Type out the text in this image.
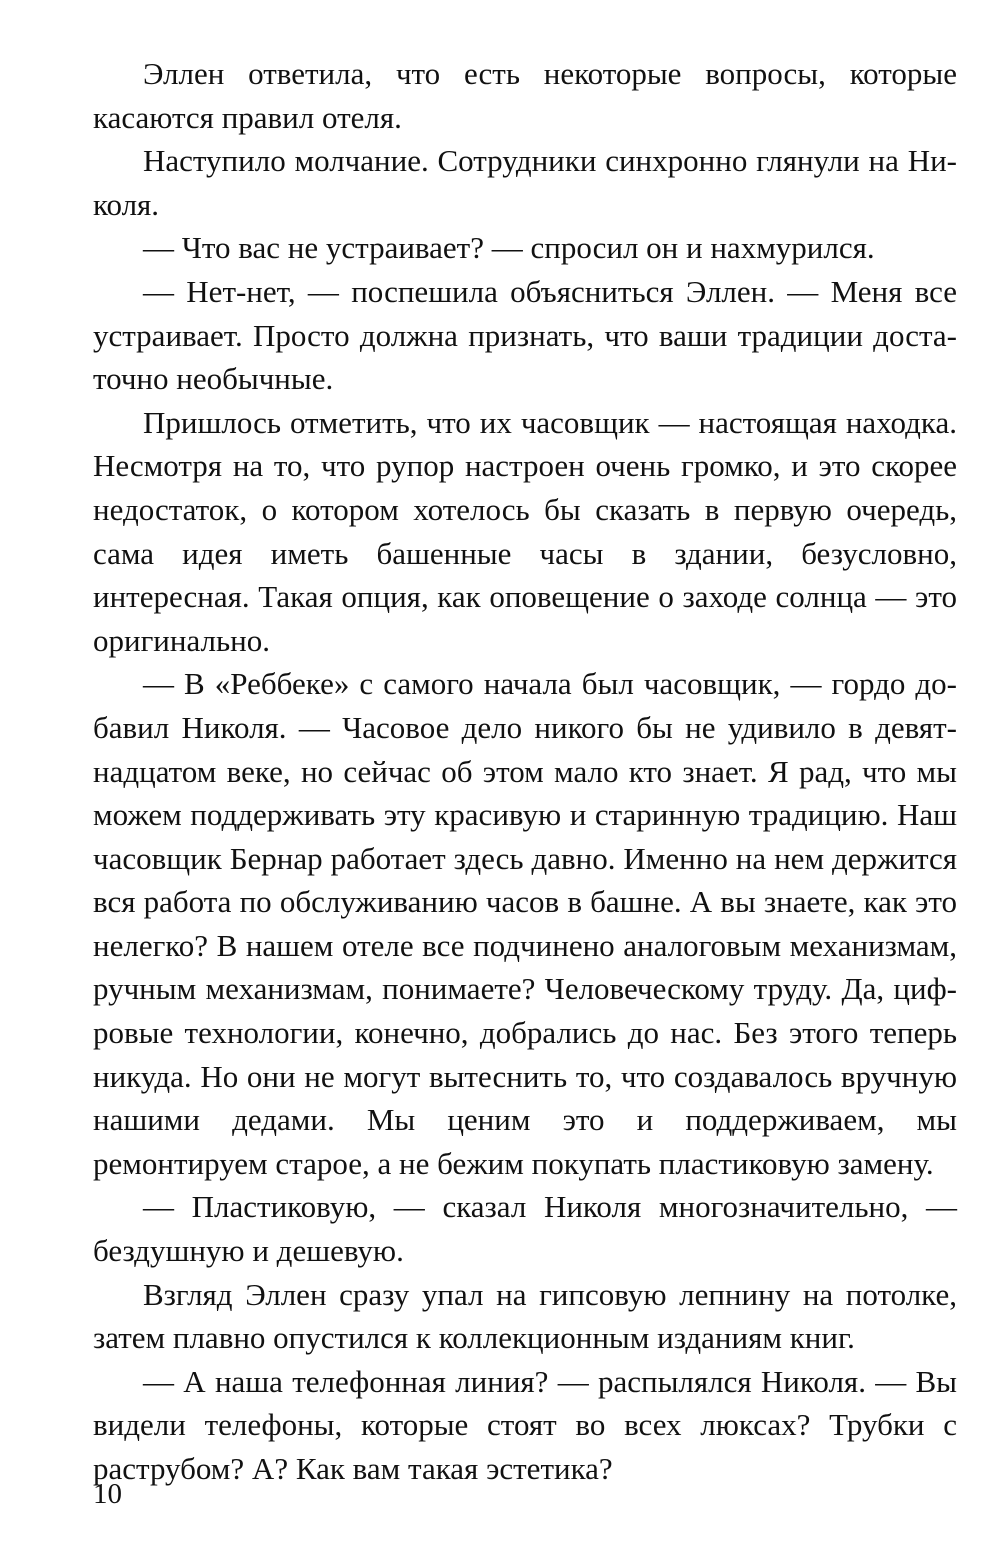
Эллен ответила, что есть некоторые вопросы, которые касаются правил отеля.

Наступило молчание. Сотрудники синхронно глянули на Николя.

— Что вас не устраивает? — спросил он и нахмурился.

— Нет-нет, — поспешила объясниться Эллен. — Меня все устраивает. Просто должна признать, что ваши традиции достаточно необычные.

Пришлось отметить, что их часовщик — настоящая находка. Несмотря на то, что рупор настроен очень громко, и это скорее недостаток, о котором хотелось бы сказать в первую очередь, сама идея иметь башенные часы в здании, безусловно, интересная. Такая опция, как оповещение о заходе солнца — это оригинально.

— В «Реббеке» с самого начала был часовщик, — гордо добавил Николя. — Часовое дело никого бы не удивило в девятнадцатом веке, но сейчас об этом мало кто знает. Я рад, что мы можем поддерживать эту красивую и старинную традицию. Наш часовщик Бернар работает здесь давно. Именно на нем держится вся работа по обслуживанию часов в башне. А вы знаете, как это нелегко? В нашем отеле все подчинено аналоговым механизмам, ручным механизмам, понимаете? Человеческому труду. Да, цифровые технологии, конечно, добрались до нас. Без этого теперь никуда. Но они не могут вытеснить то, что создавалось вручную нашими дедами. Мы ценим это и поддерживаем, мы ремонтируем старое, а не бежим покупать пластиковую замену.

— Пластиковую, — сказал Николя многозначительно, — бездушную и дешевую.

Взгляд Эллен сразу упал на гипсовую лепнину на потолке, затем плавно опустился к коллекционным изданиям книг.

— А наша телефонная линия? — распылялся Николя. — Вы видели телефоны, которые стоят во всех люксах? Трубки с раструбом? А? Как вам такая эстетика?

10
